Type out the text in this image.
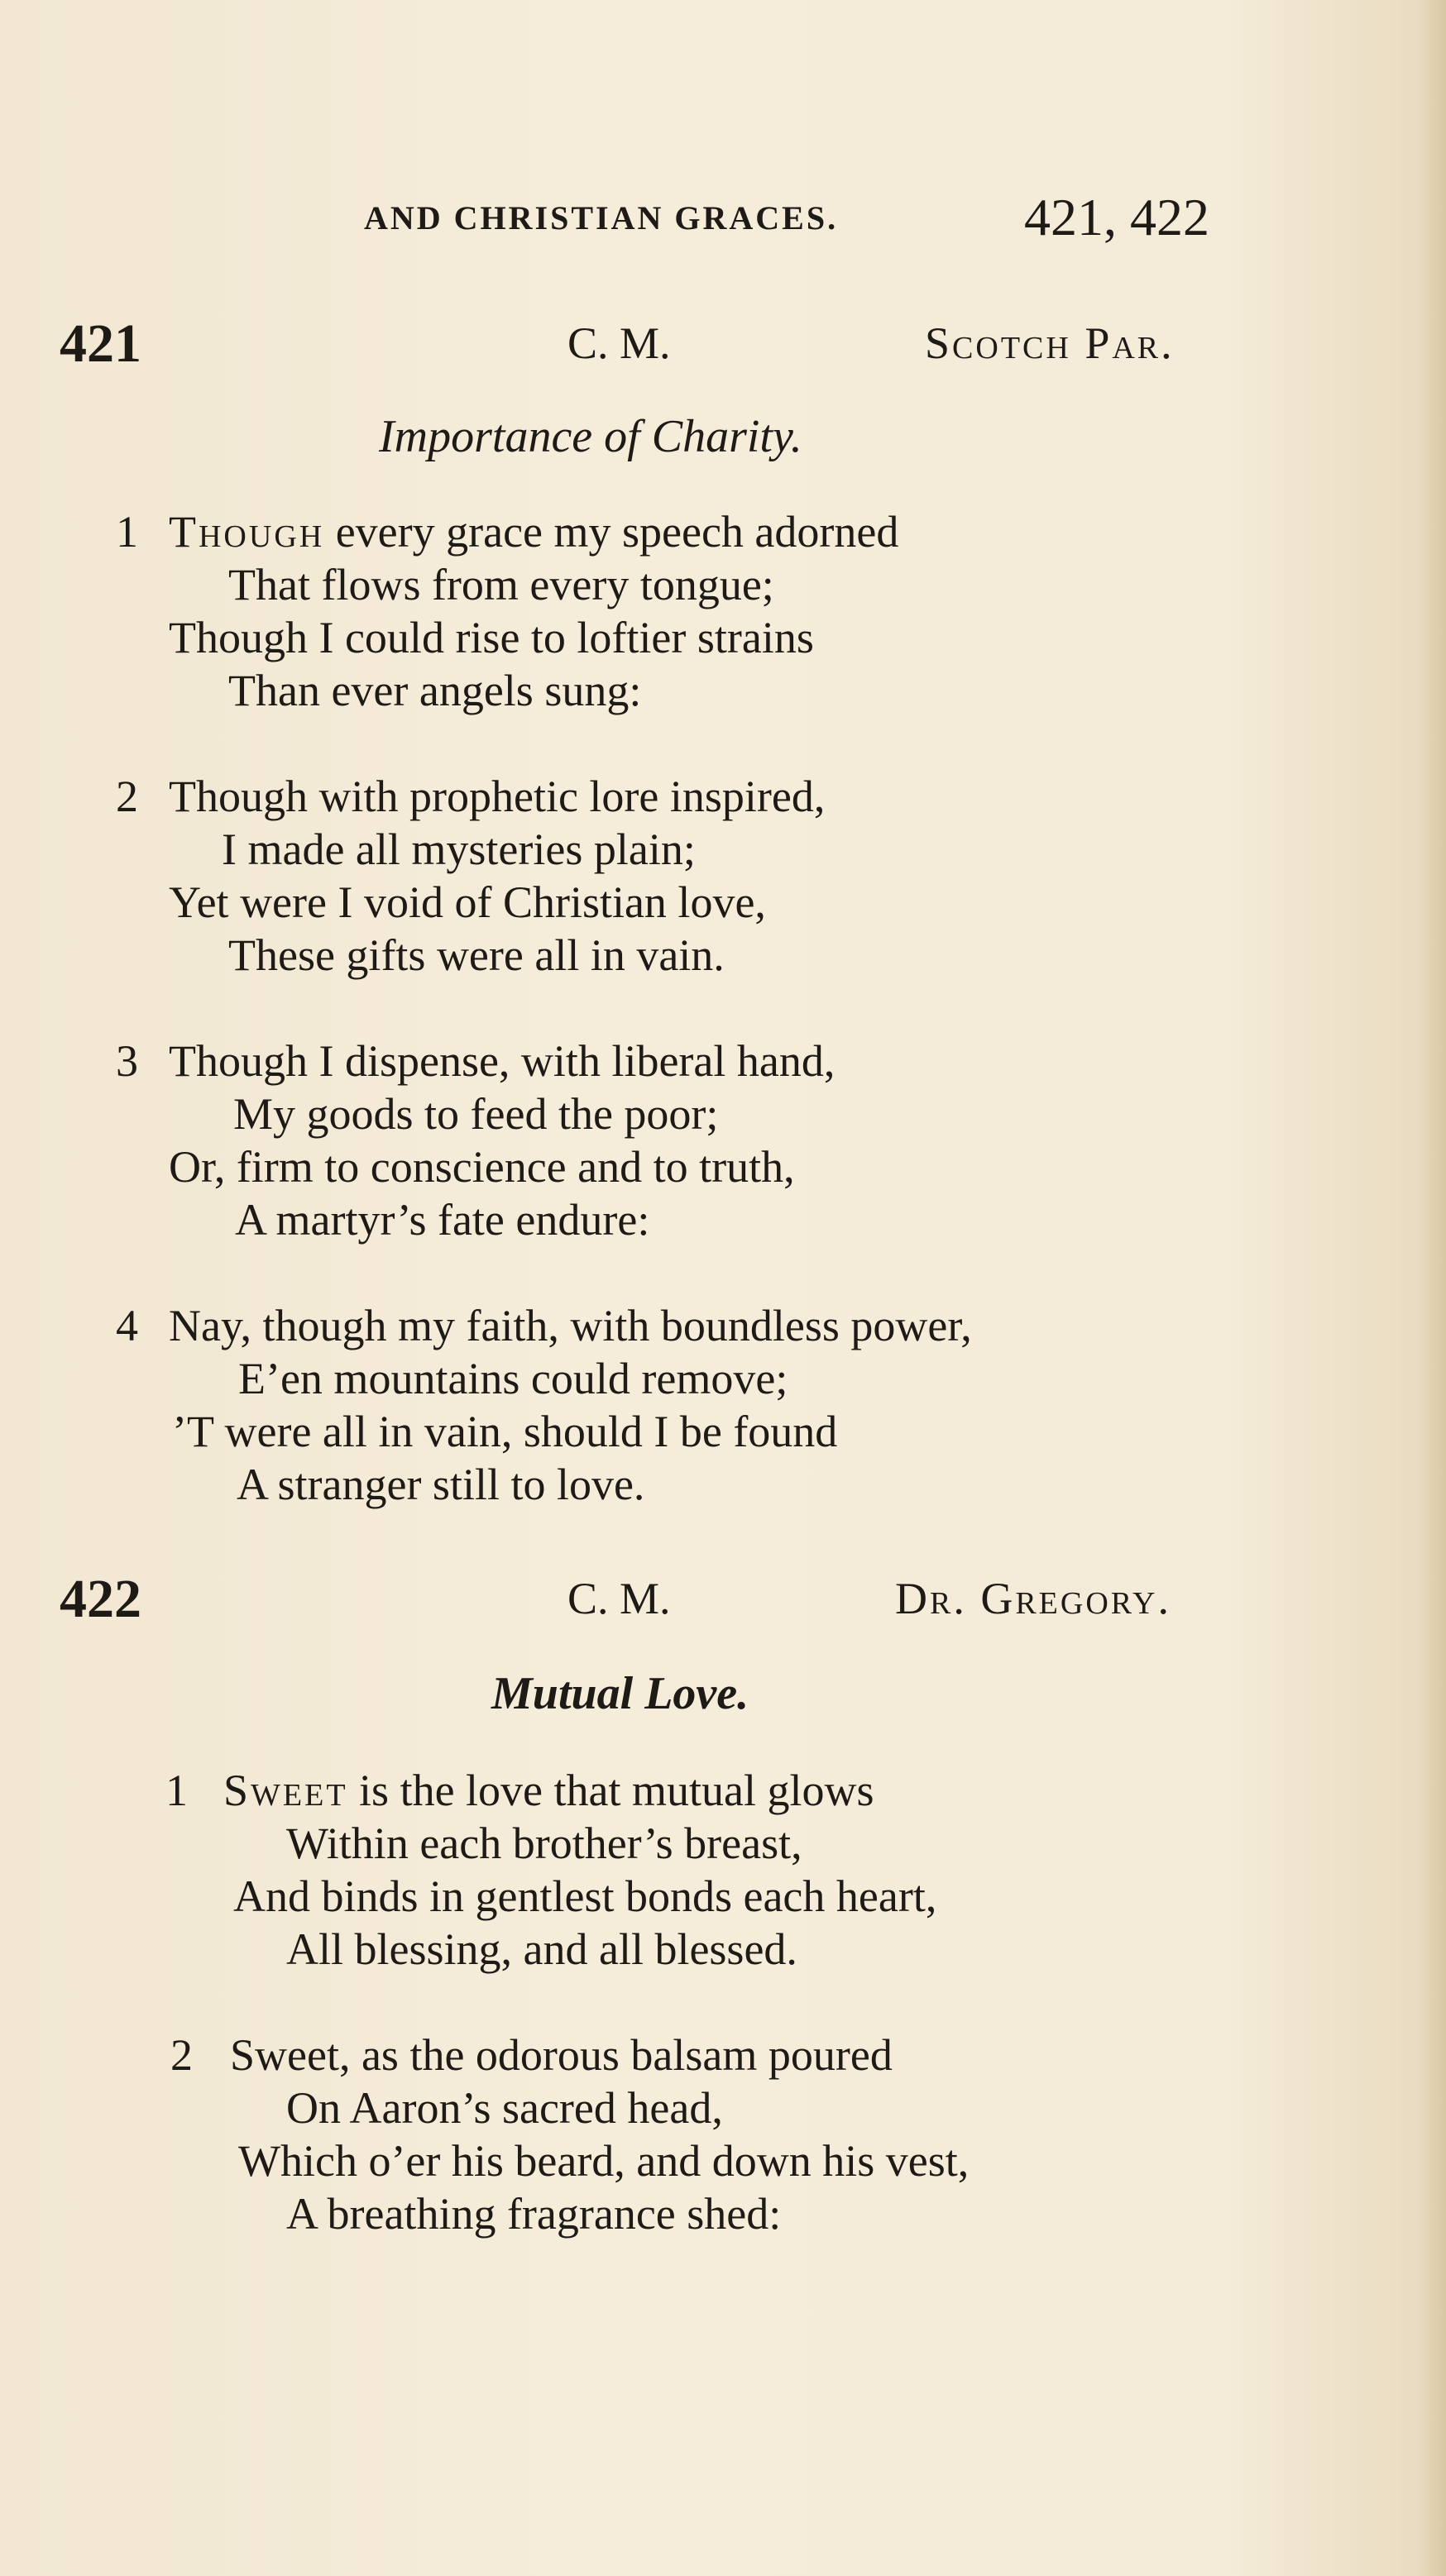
AND CHRISTIAN GRACES.	421, 422
421	C. M.	Scotch Par.
Importance of Charity.
1 Though every grace my speech adorned
That flows from every tongue;
Though I could rise to loftier strains
Than ever angels sung:
2 Though with prophetic lore inspired,
I made all mysteries plain;
Yet were I void of Christian love,
These gifts were all in vain.
3 Though I dispense, with liberal hand,
My goods to feed the poor;
Or, firm to conscience and to truth,
A martyr’s fate endure:
4 Nay, though my faith, with boundless power,
E’en mountains could remove;
’T were all in vain, should I be found
A stranger still to love.
422	C. M.	Dr. Gregory.
Mutual Love.
1 Sweet is the love that mutual glows
Within each brother’s breast,
And binds in gentlest bonds each heart,
All blessing, and all blessed.
2 Sweet, as the odorous balsam poured
On Aaron’s sacred head,
Which o’er his beard, and down his vest,
A breathing fragrance shed:
